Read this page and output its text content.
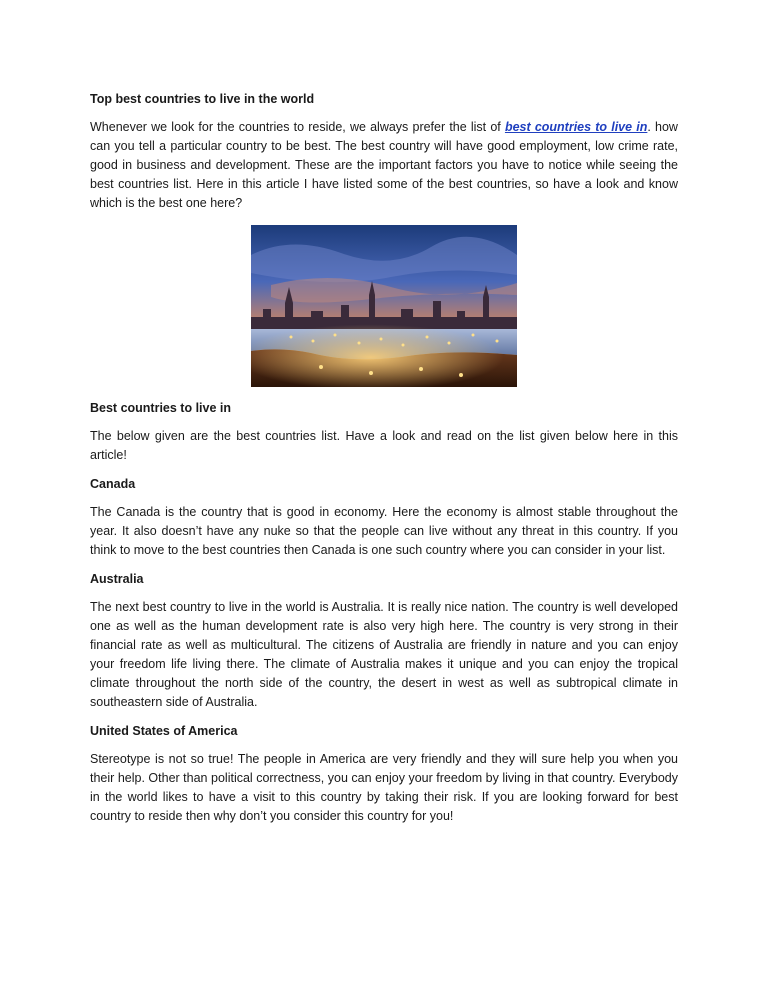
Top best countries to live in the world

Whenever we look for the countries to reside, we always prefer the list of best countries to live in. how can you tell a particular country to be best. The best country will have good employment, low crime rate, good in business and development. These are the important factors you have to notice while seeing the best countries list. Here in this article I have listed some of the best countries, so have a look and know which is the best one here?

Best countries to live in

The below given are the best countries list. Have a look and read on the list given below here in this article!

Canada

The Canada is the country that is good in economy. Here the economy is almost stable throughout the year. It also doesn’t have any nuke so that the people can live without any threat in this country. If you think to move to the best countries then Canada is one such country where you can consider in your list.

Australia

The next best country to live in the world is Australia. It is really nice nation. The country is well developed one as well as the human development rate is also very high here. The country is very strong in their financial rate as well as multicultural. The citizens of Australia are friendly in nature and you can enjoy your freedom life living there. The climate of Australia makes it unique and you can enjoy the tropical climate throughout the north side of the country, the desert in west as well as subtropical climate in southeastern side of Australia.

United States of America

Stereotype is not so true! The people in America are very friendly and they will sure help you when you their help. Other than political correctness, you can enjoy your freedom by living in that country. Everybody in the world likes to have a visit to this country by taking their risk. If you are looking forward for best country to reside then why don’t you consider this country for you!
